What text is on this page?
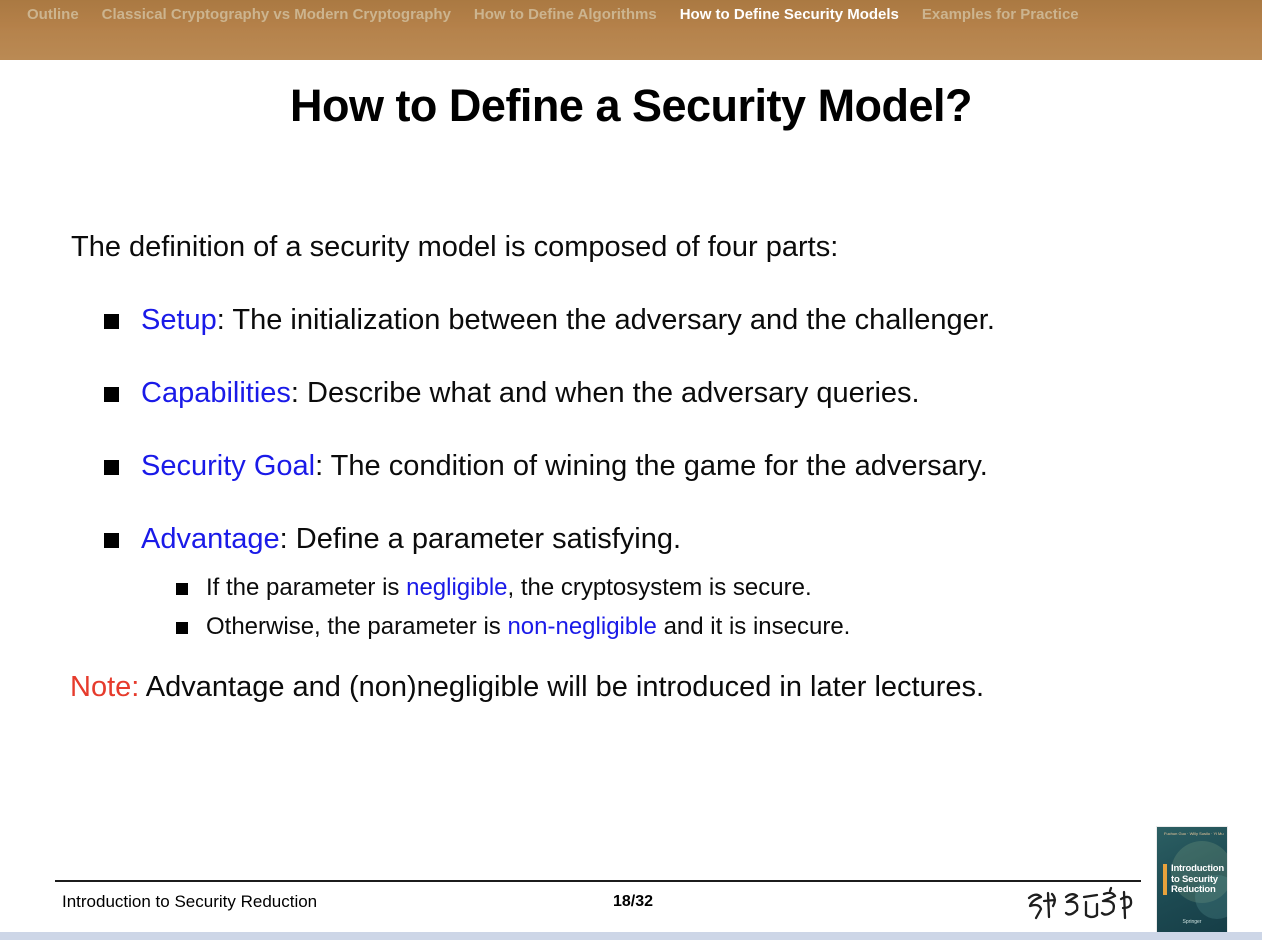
Outline Classical Cryptography vs Modern Cryptography How to Define Algorithms How to Define Security Models Examples for Practice
How to Define a Security Model?
The definition of a security model is composed of four parts:
Setup: The initialization between the adversary and the challenger.
Capabilities: Describe what and when the adversary queries.
Security Goal: The condition of wining the game for the adversary.
Advantage: Define a parameter satisfying.
If the parameter is negligible, the cryptosystem is secure.
Otherwise, the parameter is non-negligible and it is insecure.
Note: Advantage and (non)negligible will be introduced in later lectures.
Introduction to Security Reduction	18/32
Fuchun Guo · Willy Susilo · Yi Mu
Introduction
to Security
Reduction
Springer
